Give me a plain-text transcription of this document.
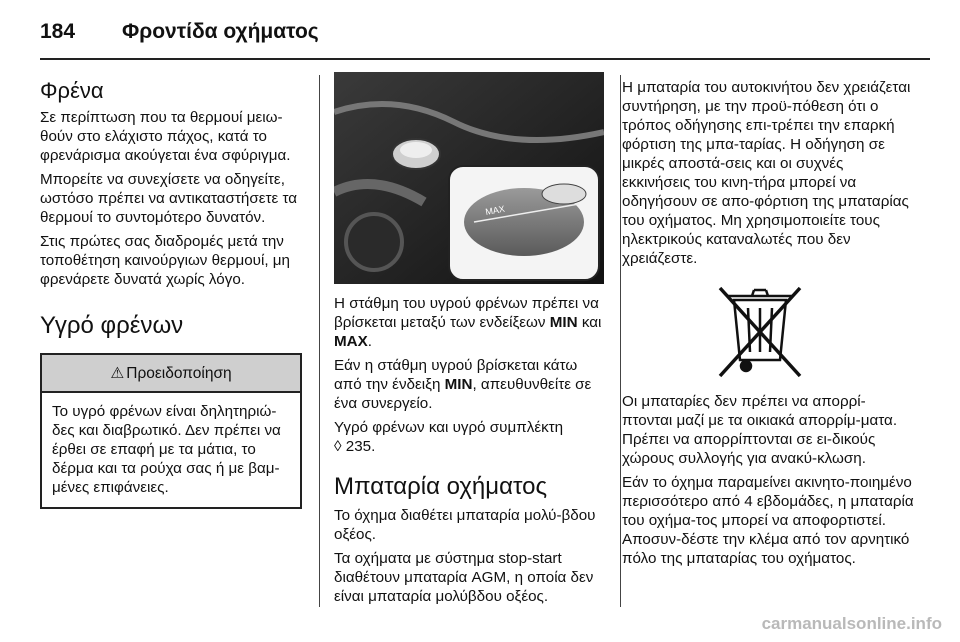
184 Φροντίδα οχήματος
Φρένα

Σε περίπτωση που τα θερμουί μειω-θούν στο ελάχιστο πάχος, κατά το φρενάρισμα ακούγεται ένα σφύριγμα.

Μπορείτε να συνεχίσετε να οδηγείτε, ωστόσο πρέπει να αντικαταστήσετε τα θερμουί το συντομότερο δυνατόν.

Στις πρώτες σας διαδρομές μετά την τοποθέτηση καινούργιων θερμουί, μη φρενάρετε δυνατά χωρίς λόγο.

Υγρό φρένων
⚠ Προειδοποίηση

Το υγρό φρένων είναι δηλητηριώ-δες και διαβρωτικό. Δεν πρέπει να έρθει σε επαφή με τα μάτια, το δέρμα και τα ρούχα σας ή με βαμ-μένες επιφάνειες.

MAX

Η στάθμη του υγρού φρένων πρέπει να βρίσκεται μεταξύ των ενδείξεων MIN και MAX.

Εάν η στάθμη υγρού βρίσκεται κάτω από την ένδειξη MIN, απευθυνθείτε σε ένα συνεργείο.

Υγρό φρένων και υγρό συμπλέκτη
◊ 235.

Μπαταρία οχήματος

Το όχημα διαθέτει μπαταρία μολύ-βδου οξέος.

Τα οχήματα με σύστημα stop-start διαθέτουν μπαταρία AGM, η οποία δεν είναι μπαταρία μολύβδου οξέος.

Η μπαταρία του αυτοκινήτου δεν χρειάζεται συντήρηση, με την προϋ-πόθεση ότι ο τρόπος οδήγησης επι-τρέπει την επαρκή φόρτιση της μπα-ταρίας. Η οδήγηση σε μικρές αποστά-σεις και οι συχνές εκκινήσεις του κινη-τήρα μπορεί να οδηγήσουν σε απο-φόρτιση της μπαταρίας του οχήματος. Μη χρησιμοποιείτε τους ηλεκτρικούς καταναλωτές που δεν χρειάζεστε.

Οι μπαταρίες δεν πρέπει να απορρί-πτονται μαζί με τα οικιακά απορρίμ-ματα. Πρέπει να απορρίπτονται σε ει-δικούς χώρους συλλογής για ανακύ-κλωση.

Εάν το όχημα παραμείνει ακινητο-ποιημένο περισσότερο από 4 εβδομάδες, η μπαταρία του οχήμα-τος μπορεί να αποφορτιστεί. Αποσυν-δέστε την κλέμα από τον αρνητικό πόλο της μπαταρίας του οχήματος.

carmanualsonline.info
